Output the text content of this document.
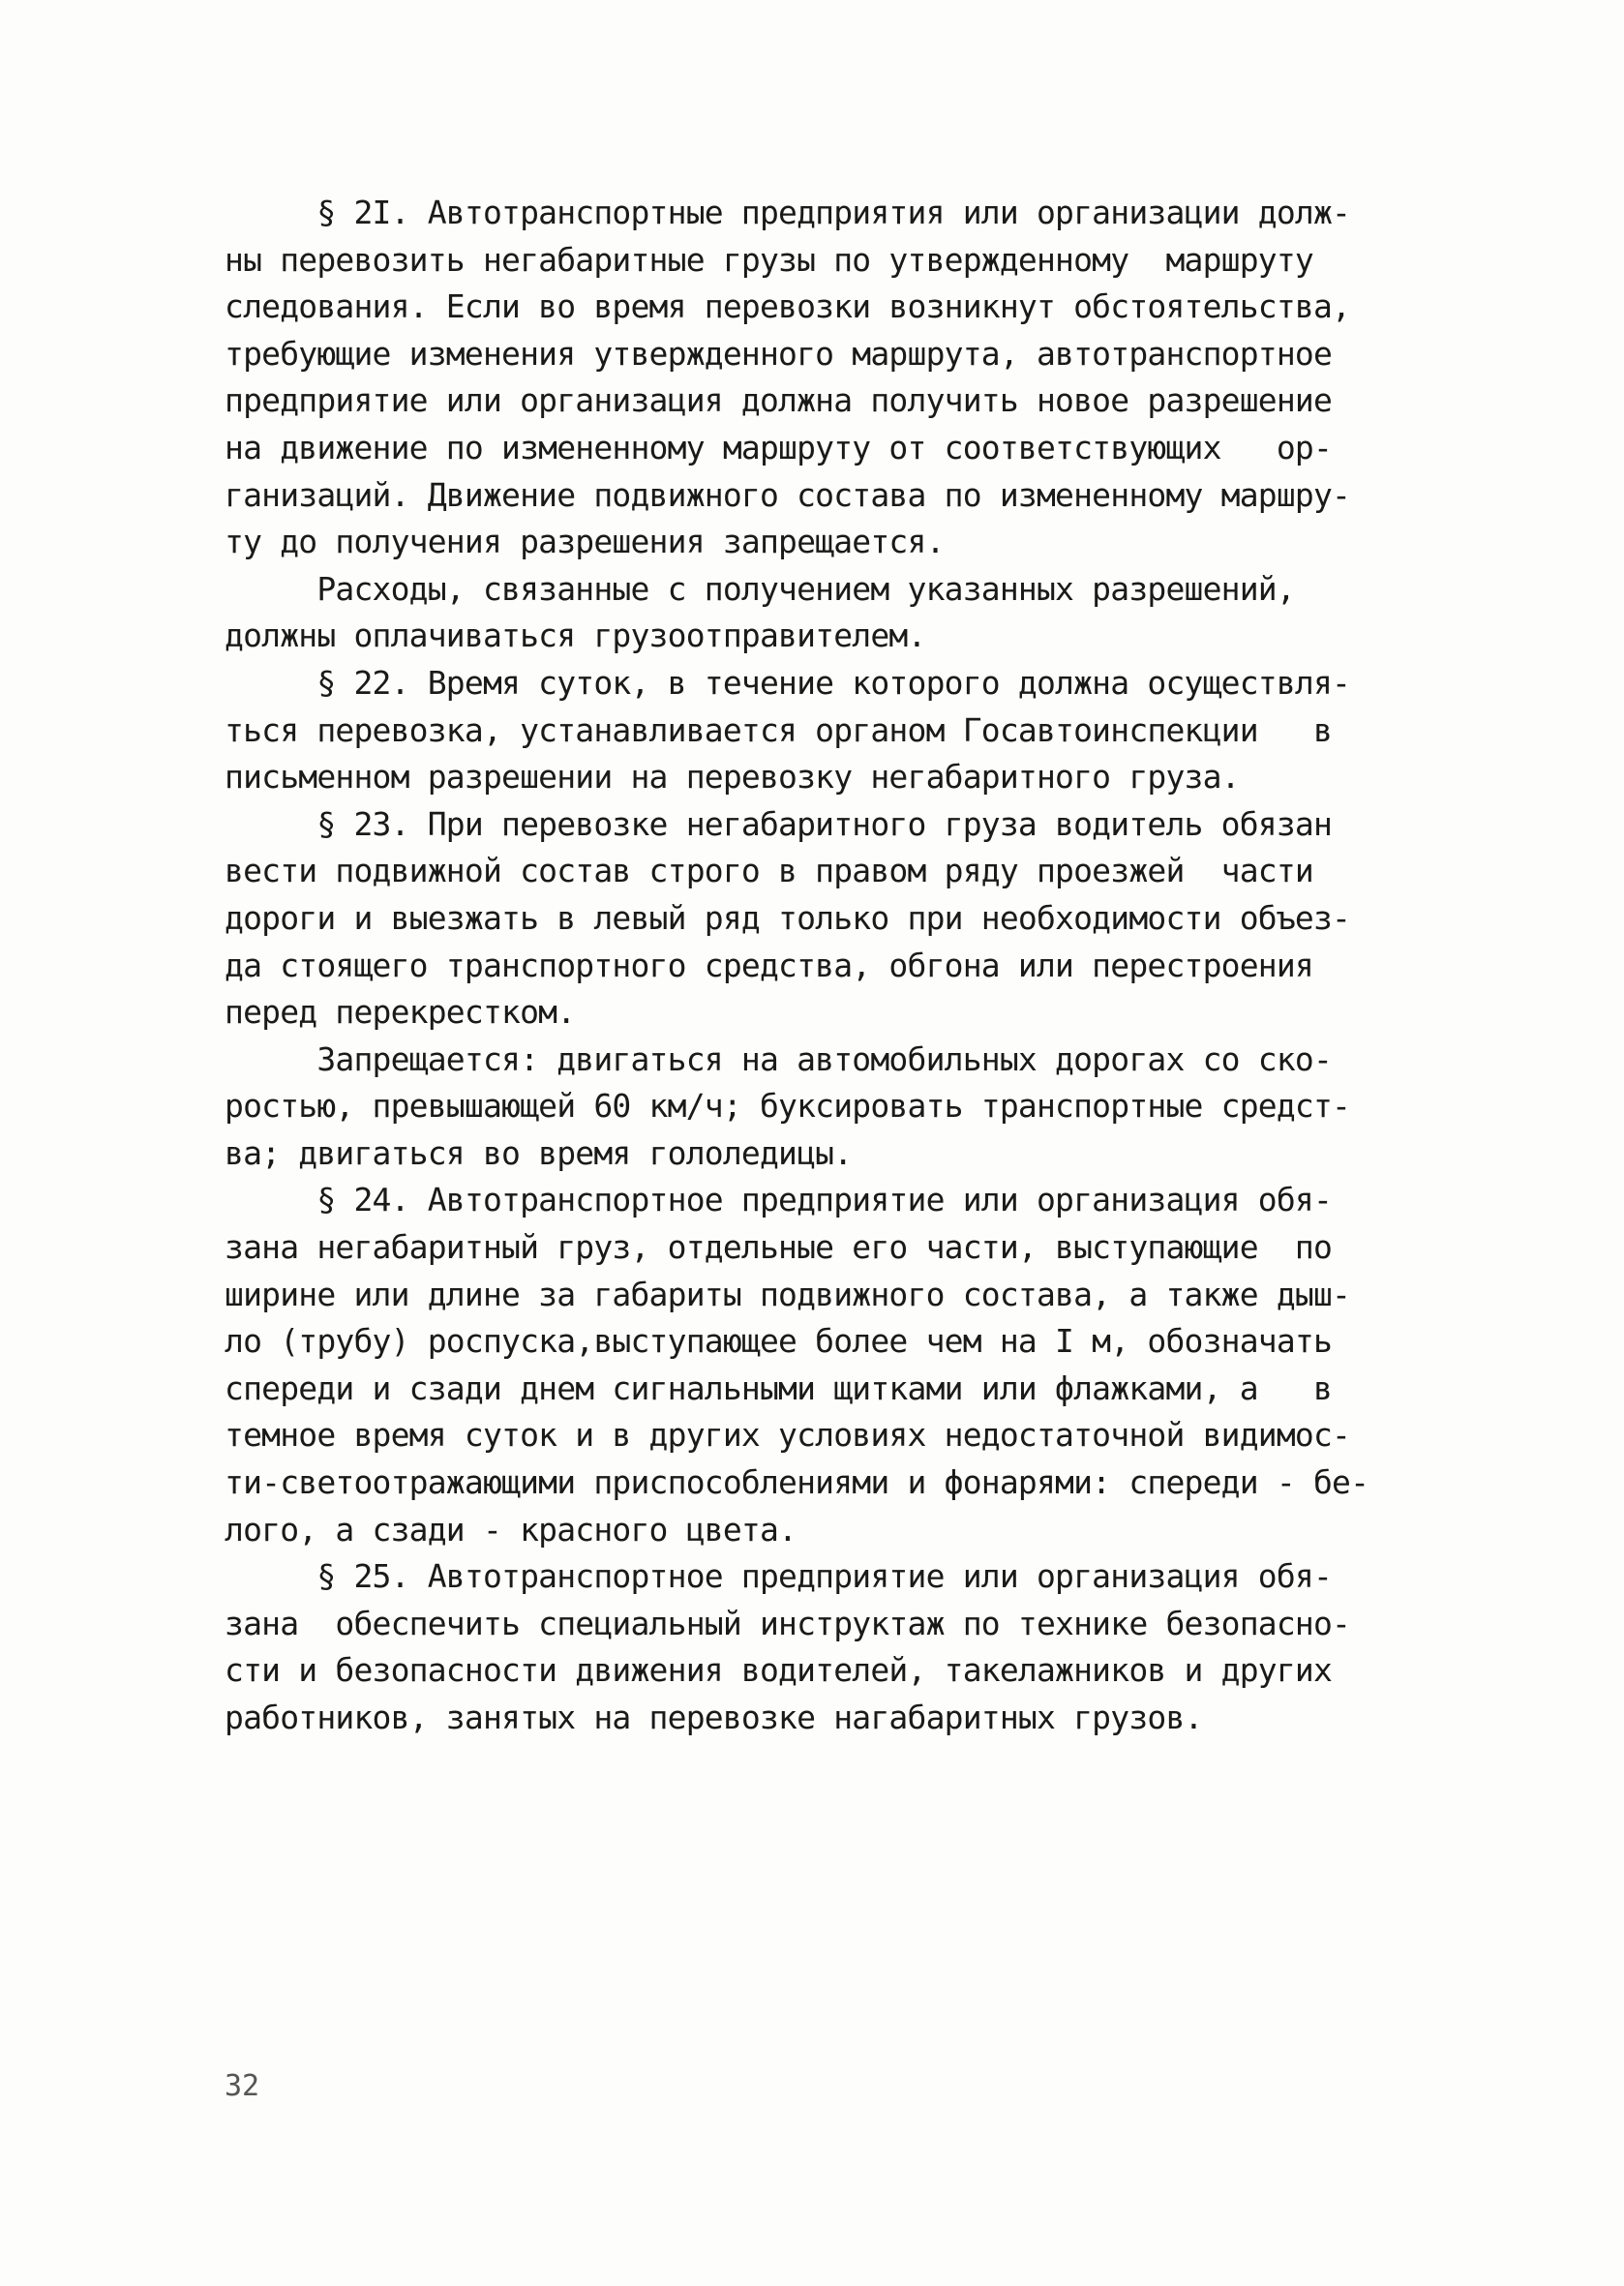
§ 2I. Автотранспортные предприятия или организации долж-
ны перевозить негабаритные грузы по утвержденному  маршруту
следования. Если во время перевозки возникнут обстоятельства,
требующие изменения утвержденного маршрута, автотранспортное
предприятие или организация должна получить новое разрешение
на движение по измененному маршруту от соответствующих   ор-
ганизаций. Движение подвижного состава по измененному маршру-
ту до получения разрешения запрещается.
Расходы, связанные с получением указанных разрешений,
должны оплачиваться грузоотправителем.
§ 22. Время суток, в течение которого должна осуществля-
ться перевозка, устанавливается органом Госавтоинспекции   в
письменном разрешении на перевозку негабаритного груза.
§ 23. При перевозке негабаритного груза водитель обязан
вести подвижной состав строго в правом ряду проезжей  части
дороги и выезжать в левый ряд только при необходимости объез-
да стоящего транспортного средства, обгона или перестроения
перед перекрестком.
Запрещается: двигаться на автомобильных дорогах со ско-
ростью, превышающей 60 км/ч; буксировать транспортные средст-
ва; двигаться во время гололедицы.
§ 24. Автотранспортное предприятие или организация обя-
зана негабаритный груз, отдельные его части, выступающие  по
ширине или длине за габариты подвижного состава, а также дыш-
ло (трубу) роспуска,выступающее более чем на I м, обозначать
спереди и сзади днем сигнальными щитками или флажками, а   в
темное время суток и в других условиях недостаточной видимос-
ти-светоотражающими приспособлениями и фонарями: спереди - бе-
лого, а сзади - красного цвета.
§ 25. Автотранспортное предприятие или организация обя-
зана  обеспечить специальный инструктаж по технике безопасно-
сти и безопасности движения водителей, такелажников и других
работников, занятых на перевозке нагабаритных грузов.
32
